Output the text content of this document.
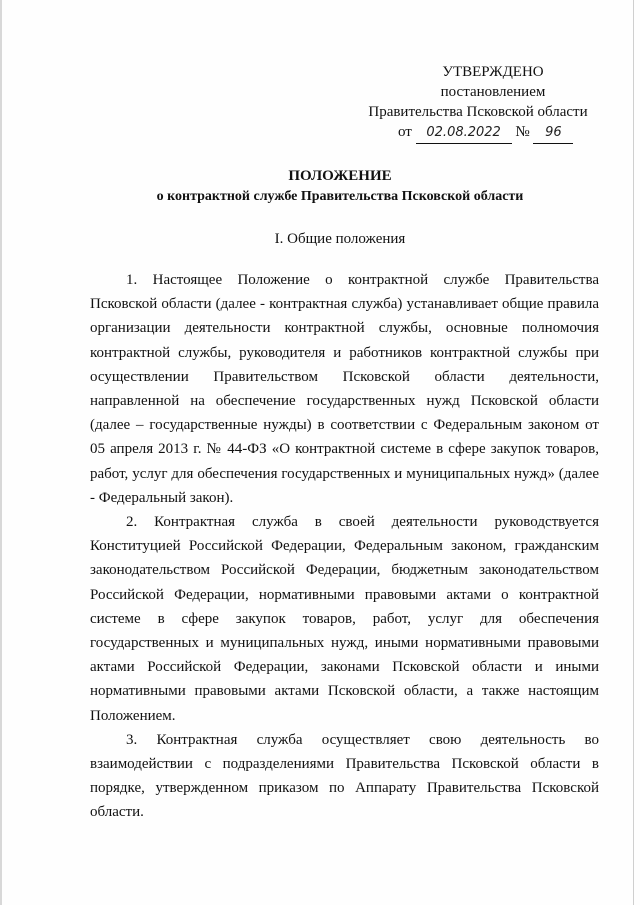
УТВЕРЖДЕНО
постановлением
Правительства Псковской области
от 02.08.2022 № 96
ПОЛОЖЕНИЕ
о контрактной службе Правительства Псковской области
I. Общие положения

1. Настоящее Положение о контрактной службе Правительства Псковской области (далее - контрактная служба) устанавливает общие правила организации деятельности контрактной службы, основные полномочия контрактной службы, руководителя и работников контрактной службы при осуществлении Правительством Псковской области деятельности, направленной на обеспечение государственных нужд Псковской области (далее – государственные нужды) в соответствии с Федеральным законом от 05 апреля 2013 г. № 44-ФЗ «О контрактной системе в сфере закупок товаров, работ, услуг для обеспечения государственных и муниципальных нужд» (далее - Федеральный закон).

2. Контрактная служба в своей деятельности руководствуется Конституцией Российской Федерации, Федеральным законом, гражданским законодательством Российской Федерации, бюджетным законодательством Российской Федерации, нормативными правовыми актами о контрактной системе в сфере закупок товаров, работ, услуг для обеспечения государственных и муниципальных нужд, иными нормативными правовыми актами Российской Федерации, законами Псковской области и иными нормативными правовыми актами Псковской области, а также настоящим Положением.

3. Контрактная служба осуществляет свою деятельность во взаимодействии с подразделениями Правительства Псковской области в порядке, утвержденном приказом по Аппарату Правительства Псковской области.
